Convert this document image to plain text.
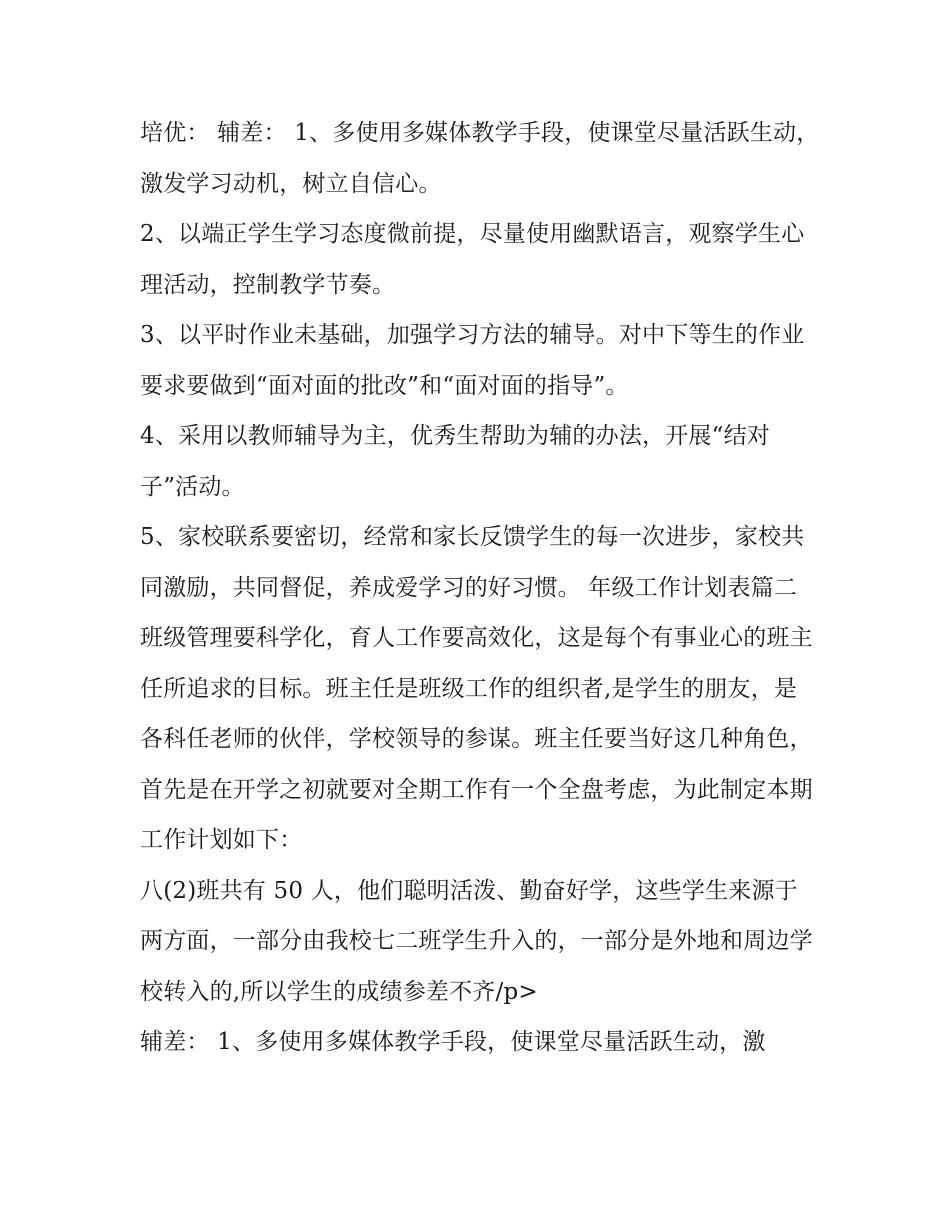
培优： 辅差： 1、多使用多媒体教学手段，使课堂尽量活跃生动，激发学习动机，树立自信心。

2、以端正学生学习态度微前提，尽量使用幽默语言，观察学生心理活动，控制教学节奏。

3、以平时作业未基础，加强学习方法的辅导。对中下等生的作业要求要做到“面对面的批改”和“面对面的指导”。

4、采用以教师辅导为主，优秀生帮助为辅的办法，开展“结对子”活动。

5、家校联系要密切，经常和家长反馈学生的每一次进步，家校共同激励，共同督促，养成爱学习的好习惯。 年级工作计划表篇二

班级管理要科学化，育人工作要高效化，这是每个有事业心的班主任所追求的目标。班主任是班级工作的组织者,是学生的朋友，是各科任老师的伙伴，学校领导的参谋。班主任要当好这几种角色，首先是在开学之初就要对全期工作有一个全盘考虑，为此制定本期工作计划如下：

八(2)班共有 50 人，他们聪明活泼、勤奋好学，这些学生来源于两方面，一部分由我校七二班学生升入的，一部分是外地和周边学校转入的,所以学生的成绩参差不齐/p>

辅差： 1、多使用多媒体教学手段，使课堂尽量活跃生动，激
